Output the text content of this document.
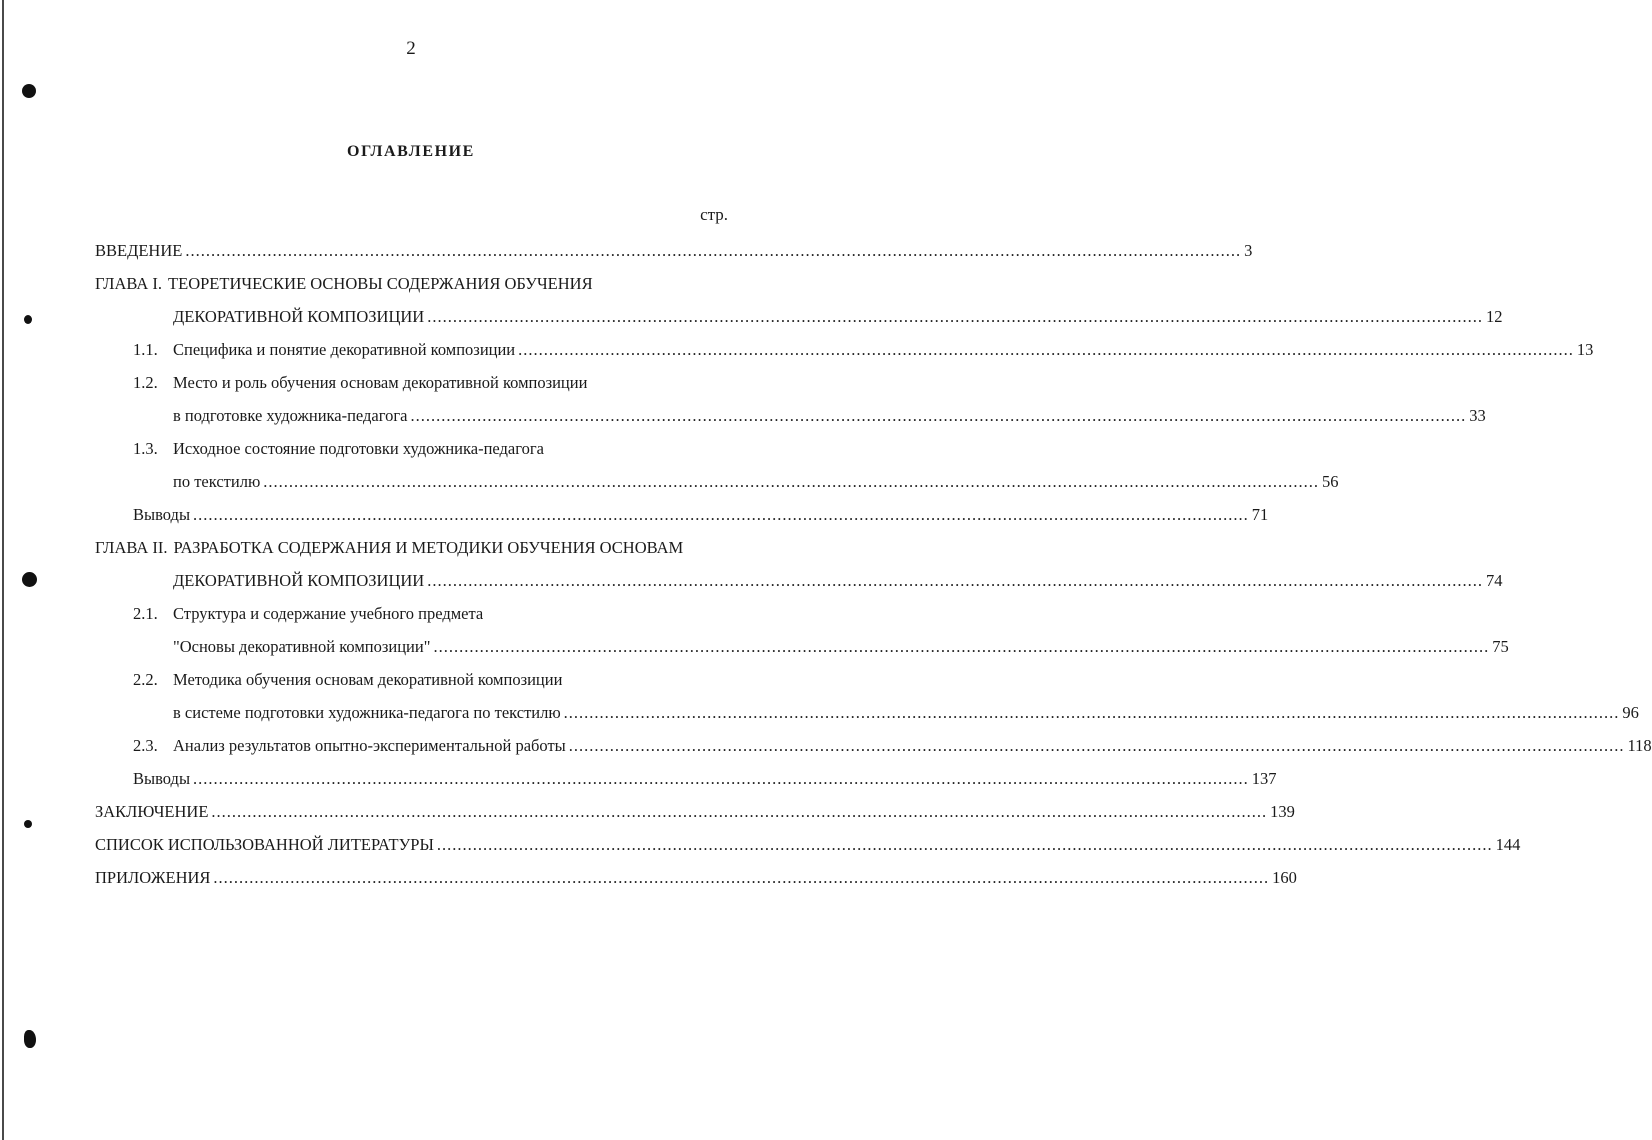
2
ОГЛАВЛЕНИЕ
стр.
ВВЕДЕНИЕ .............................................................................................................................................................................................................. 3
ГЛАВА I. ТЕОРЕТИЧЕСКИЕ ОСНОВЫ СОДЕРЖАНИЯ ОБУЧЕНИЯ
ДЕКОРАТИВНОЙ КОМПОЗИЦИИ .............................................................................................................................................................................................................. 12
1.1. Специфика и понятие декоративной композиции .............................................................................................................................................................................................................. 13
1.2. Место и роль обучения основам декоративной композиции
в подготовке художника-педагога .............................................................................................................................................................................................................. 33
1.3. Исходное состояние подготовки художника-педагога
по текстилю .............................................................................................................................................................................................................. 56
Выводы .............................................................................................................................................................................................................. 71
ГЛАВА II. РАЗРАБОТКА СОДЕРЖАНИЯ И МЕТОДИКИ ОБУЧЕНИЯ ОСНОВАМ
ДЕКОРАТИВНОЙ КОМПОЗИЦИИ .............................................................................................................................................................................................................. 74
2.1. Структура и содержание учебного предмета
"Основы декоративной композиции" .............................................................................................................................................................................................................. 75
2.2. Методика обучения основам декоративной композиции
в системе подготовки художника-педагога по текстилю .............................................................................................................................................................................................................. 96
2.3. Анализ результатов опытно-экспериментальной работы .............................................................................................................................................................................................................. 118
Выводы .............................................................................................................................................................................................................. 137
ЗАКЛЮЧЕНИЕ .............................................................................................................................................................................................................. 139
СПИСОК ИСПОЛЬЗОВАННОЙ ЛИТЕРАТУРЫ .............................................................................................................................................................................................................. 144
ПРИЛОЖЕНИЯ .............................................................................................................................................................................................................. 160
